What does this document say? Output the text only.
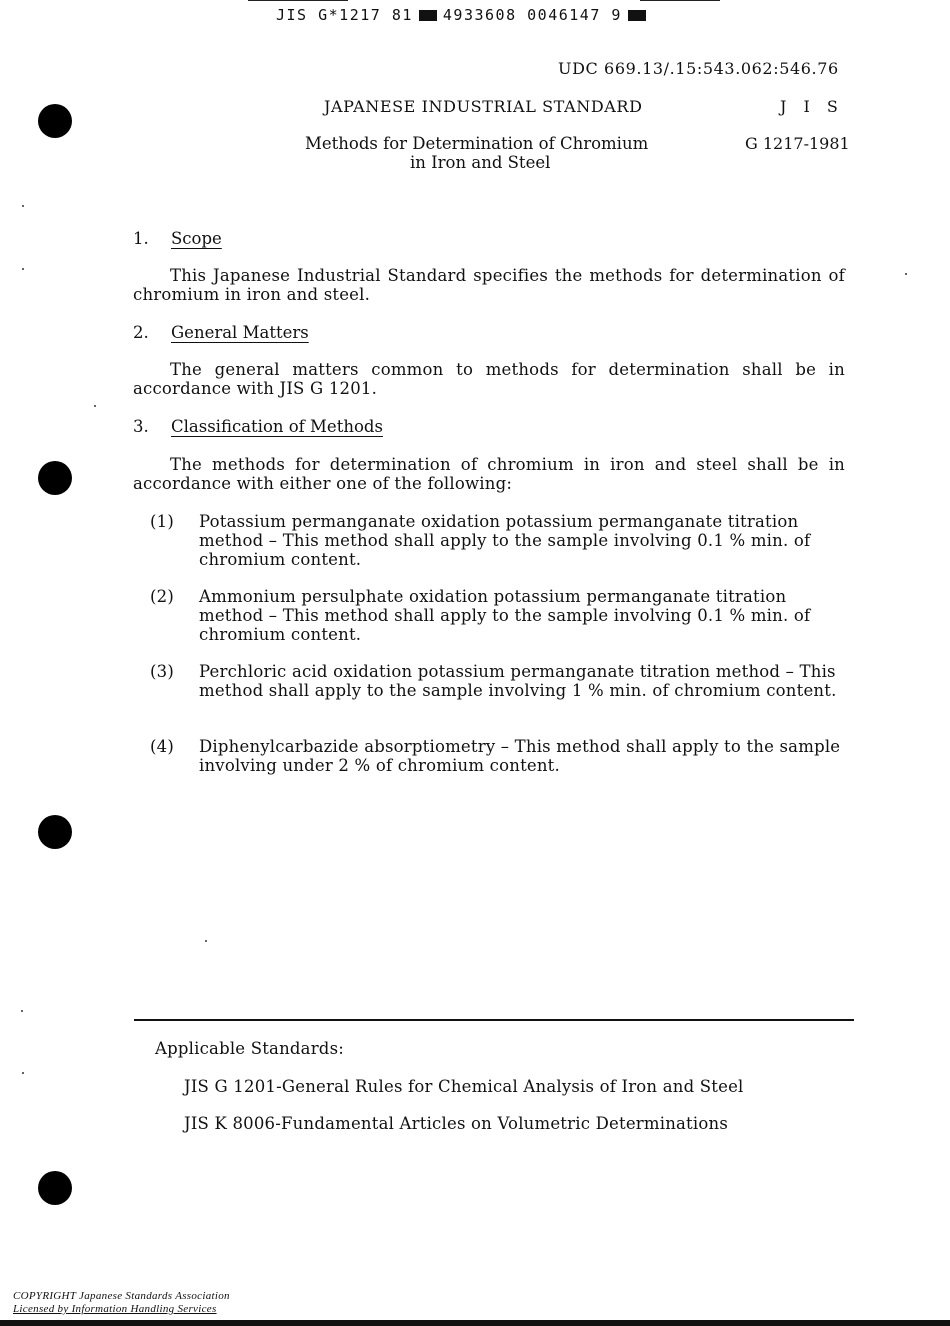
JIS G*1217 81 4933608 0046147 9
UDC 669.13/.15:543.062:546.76
JAPANESE INDUSTRIAL STANDARD	J I S
Methods for Determination of Chromium
in Iron and Steel
G 1217-1981
1. Scope
This Japanese Industrial Standard specifies the methods for determination of chromium in iron and steel.
2. General Matters
The general matters common to methods for determination shall be in accordance with JIS G 1201.
3. Classification of Methods
The methods for determination of chromium in iron and steel shall be in accordance with either one of the following:
(1) Potassium permanganate oxidation potassium permanganate titration method – This method shall apply to the sample involving 0.1 % min. of chromium content.
(2) Ammonium persulphate oxidation potassium permanganate titration method – This method shall apply to the sample involving 0.1 % min. of chromium content.
(3) Perchloric acid oxidation potassium permanganate titration method – This method shall apply to the sample involving 1 % min. of chromium content.
(4) Diphenylcarbazide absorptiometry – This method shall apply to the sample involving under 2 % of chromium content.
Applicable Standards:
JIS G 1201-General Rules for Chemical Analysis of Iron and Steel
JIS K 8006-Fundamental Articles on Volumetric Determinations
COPYRIGHT Japanese Standards Association
Licensed by Information Handling Services
